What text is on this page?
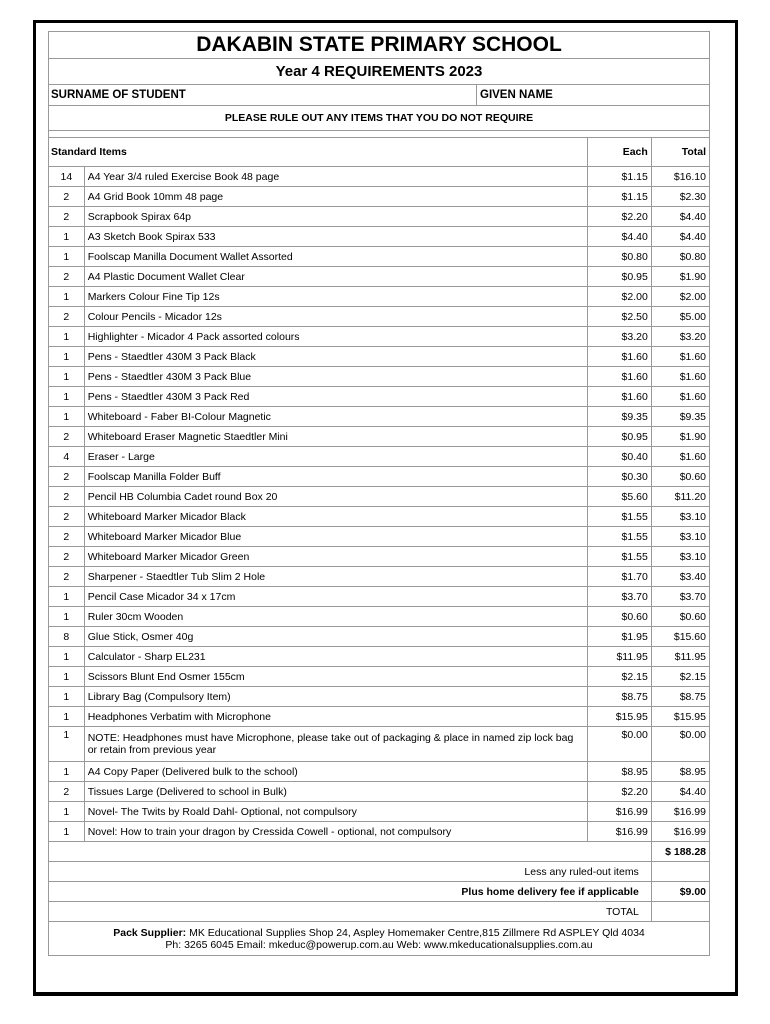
DAKABIN STATE PRIMARY SCHOOL
Year 4 REQUIREMENTS 2023
SURNAME OF STUDENT	GIVEN NAME
PLEASE RULE OUT ANY ITEMS THAT YOU DO NOT REQUIRE
Standard Items		Each	Total
14	A4 Year 3/4 ruled Exercise Book 48 page	$1.15	$16.10
2	A4 Grid Book 10mm 48 page	$1.15	$2.30
2	Scrapbook Spirax 64p	$2.20	$4.40
1	A3 Sketch Book Spirax 533	$4.40	$4.40
1	Foolscap Manilla Document Wallet Assorted	$0.80	$0.80
2	A4 Plastic Document Wallet Clear	$0.95	$1.90
1	Markers Colour Fine Tip 12s	$2.00	$2.00
2	Colour Pencils - Micador 12s	$2.50	$5.00
1	Highlighter - Micador 4 Pack assorted colours	$3.20	$3.20
1	Pens - Staedtler 430M 3 Pack Black	$1.60	$1.60
1	Pens - Staedtler 430M 3 Pack Blue	$1.60	$1.60
1	Pens - Staedtler 430M 3 Pack Red	$1.60	$1.60
1	Whiteboard - Faber BI-Colour Magnetic	$9.35	$9.35
2	Whiteboard Eraser Magnetic Staedtler Mini	$0.95	$1.90
4	Eraser - Large	$0.40	$1.60
2	Foolscap Manilla Folder Buff	$0.30	$0.60
2	Pencil HB Columbia Cadet round Box 20	$5.60	$11.20
2	Whiteboard Marker Micador Black	$1.55	$3.10
2	Whiteboard Marker Micador Blue	$1.55	$3.10
2	Whiteboard Marker Micador Green	$1.55	$3.10
2	Sharpener - Staedtler Tub Slim 2 Hole	$1.70	$3.40
1	Pencil Case Micador 34 x 17cm	$3.70	$3.70
1	Ruler 30cm Wooden	$0.60	$0.60
8	Glue Stick, Osmer 40g	$1.95	$15.60
1	Calculator - Sharp EL231	$11.95	$11.95
1	Scissors Blunt End Osmer 155cm	$2.15	$2.15
1	Library Bag (Compulsory Item)	$8.75	$8.75
1	Headphones Verbatim with Microphone	$15.95	$15.95
1	NOTE: Headphones must have Microphone, please take out of packaging & place in named zip lock bag or retain from previous year	$0.00	$0.00
1	A4 Copy Paper (Delivered bulk to the school)	$8.95	$8.95
2	Tissues Large (Delivered to school in Bulk)	$2.20	$4.40
1	Novel- The Twits by Roald Dahl- Optional, not compulsory	$16.99	$16.99
1	Novel: How to train your dragon by Cressida Cowell - optional, not compulsory	$16.99	$16.99
			$ 188.28
Less any ruled-out items			
Plus home delivery fee if applicable			$9.00
TOTAL			
Pack Supplier: MK Educational Supplies Shop 24, Aspley Homemaker Centre,815 Zillmere Rd ASPLEY Qld 4034
Ph: 3265 6045 Email: mkeduc@powerup.com.au Web: www.mkeducationalsupplies.com.au
